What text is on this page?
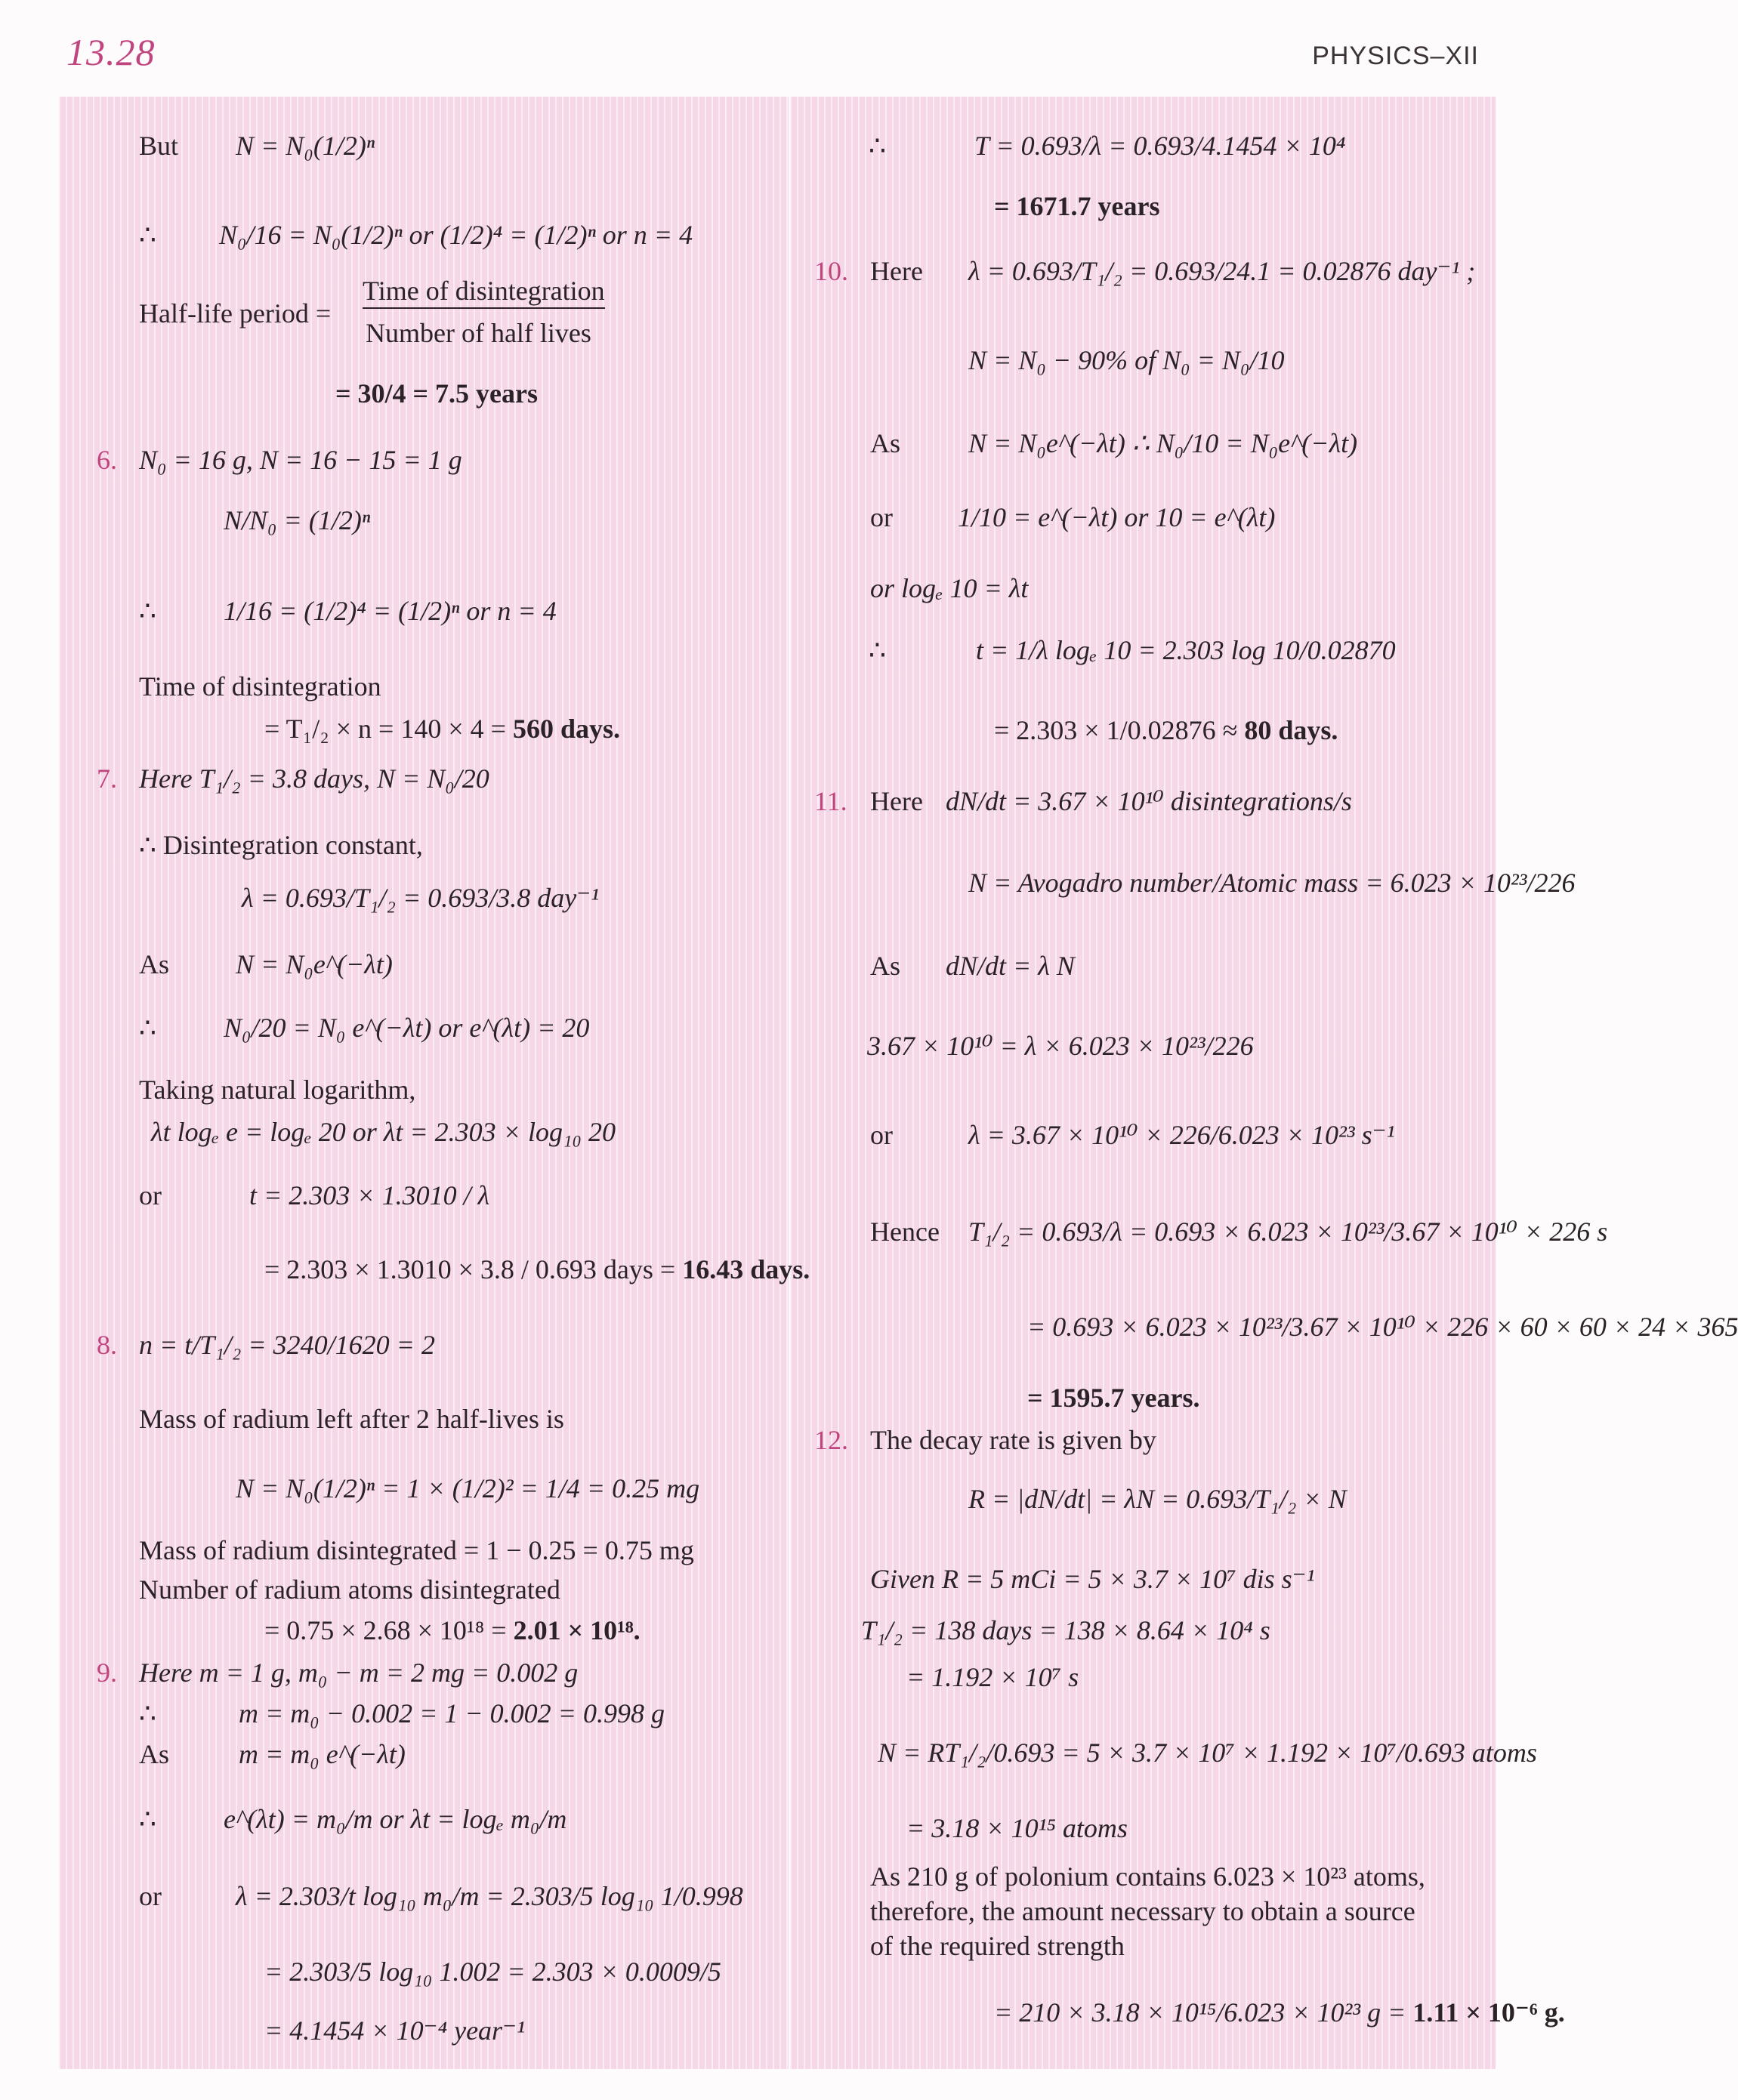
13.28	PHYSICS–XII
But N = N₀(1/2)ⁿ
∴ N₀/16 = N₀(1/2)ⁿ or (1/2)⁴ = (1/2)ⁿ or n = 4
Half-life period =
Time of disintegration
Number of half lives
= 30/4 = 7.5 years
6. N₀ = 16 g, N = 16 − 15 = 1 g
N/N₀ = (1/2)ⁿ
∴ 1/16 = (1/2)⁴ = (1/2)ⁿ or n = 4
Time of disintegration
= T₁/₂ × n = 140 × 4 = 560 days.
7. Here T₁/₂ = 3.8 days, N = N₀/20
∴ Disintegration constant,
λ = 0.693/T₁/₂ = 0.693/3.8 day⁻¹
As N = N₀e^(−λt)
∴ N₀/20 = N₀ e^(−λt) or e^(λt) = 20
Taking natural logarithm,
λt logₑ e = logₑ 20 or λt = 2.303 × log₁₀ 20
or	t = 2.303 × 1.3010 / λ
= 2.303 × 1.3010 × 3.8 / 0.693 days = 16.43 days.
8. n = t/T₁/₂ = 3240/1620 = 2
Mass of radium left after 2 half-lives is
N = N₀(1/2)ⁿ = 1 × (1/2)² = 1/4 = 0.25 mg
Mass of radium disintegrated = 1 − 0.25 = 0.75 mg
Number of radium atoms disintegrated
= 0.75 × 2.68 × 10¹⁸ = 2.01 × 10¹⁸.
9. Here m = 1 g, m₀ − m = 2 mg = 0.002 g
∴	m = m₀ − 0.002 = 1 − 0.002 = 0.998 g
As	m = m₀ e^(−λt)
∴ e^(λt) = m₀/m or λt = logₑ m₀/m
or	λ = 2.303/t log₁₀ m₀/m = 2.303/5 log₁₀ 1/0.998
= 2.303/5 log₁₀ 1.002 = 2.303 × 0.0009/5
= 4.1454 × 10⁻⁴ year⁻¹
∴	T = 0.693/λ = 0.693/4.1454 × 10⁴
= 1671.7 years
10. Here λ = 0.693/T₁/₂ = 0.693/24.1 = 0.02876 day⁻¹ ;
N = N₀ − 90% of N₀ = N₀/10
As N = N₀e^(−λt) ∴ N₀/10 = N₀e^(−λt)
or 1/10 = e^(−λt) or 10 = e^(λt)
or logₑ 10 = λt
∴	t = 1/λ logₑ 10 = 2.303 log 10/0.02870
= 2.303 × 1/0.02876 ≈ 80 days.
11. Here dN/dt = 3.67 × 10¹⁰ disintegrations/s
N = Avogadro number/Atomic mass = 6.023 × 10²³/226
As dN/dt = λ N
3.67 × 10¹⁰ = λ × 6.023 × 10²³/226
or	λ = 3.67 × 10¹⁰ × 226/6.023 × 10²³ s⁻¹
Hence T₁/₂ = 0.693/λ = 0.693 × 6.023 × 10²³/3.67 × 10¹⁰ × 226 s
= 0.693 × 6.023 × 10²³/3.67 × 10¹⁰ × 226 × 60 × 60 × 24 × 365
= 1595.7 years.
12. The decay rate is given by
R = |dN/dt| = λN = 0.693/T₁/₂ × N
Given R = 5 mCi = 5 × 3.7 × 10⁷ dis s⁻¹
T₁/₂ = 138 days = 138 × 8.64 × 10⁴ s
= 1.192 × 10⁷ s
N = RT₁/₂/0.693 = 5 × 3.7 × 10⁷ × 1.192 × 10⁷/0.693 atoms
= 3.18 × 10¹⁵ atoms
As 210 g of polonium contains 6.023 × 10²³ atoms,
therefore, the amount necessary to obtain a source
of the required strength
= 210 × 3.18 × 10¹⁵/6.023 × 10²³ g = 1.11 × 10⁻⁶ g.
